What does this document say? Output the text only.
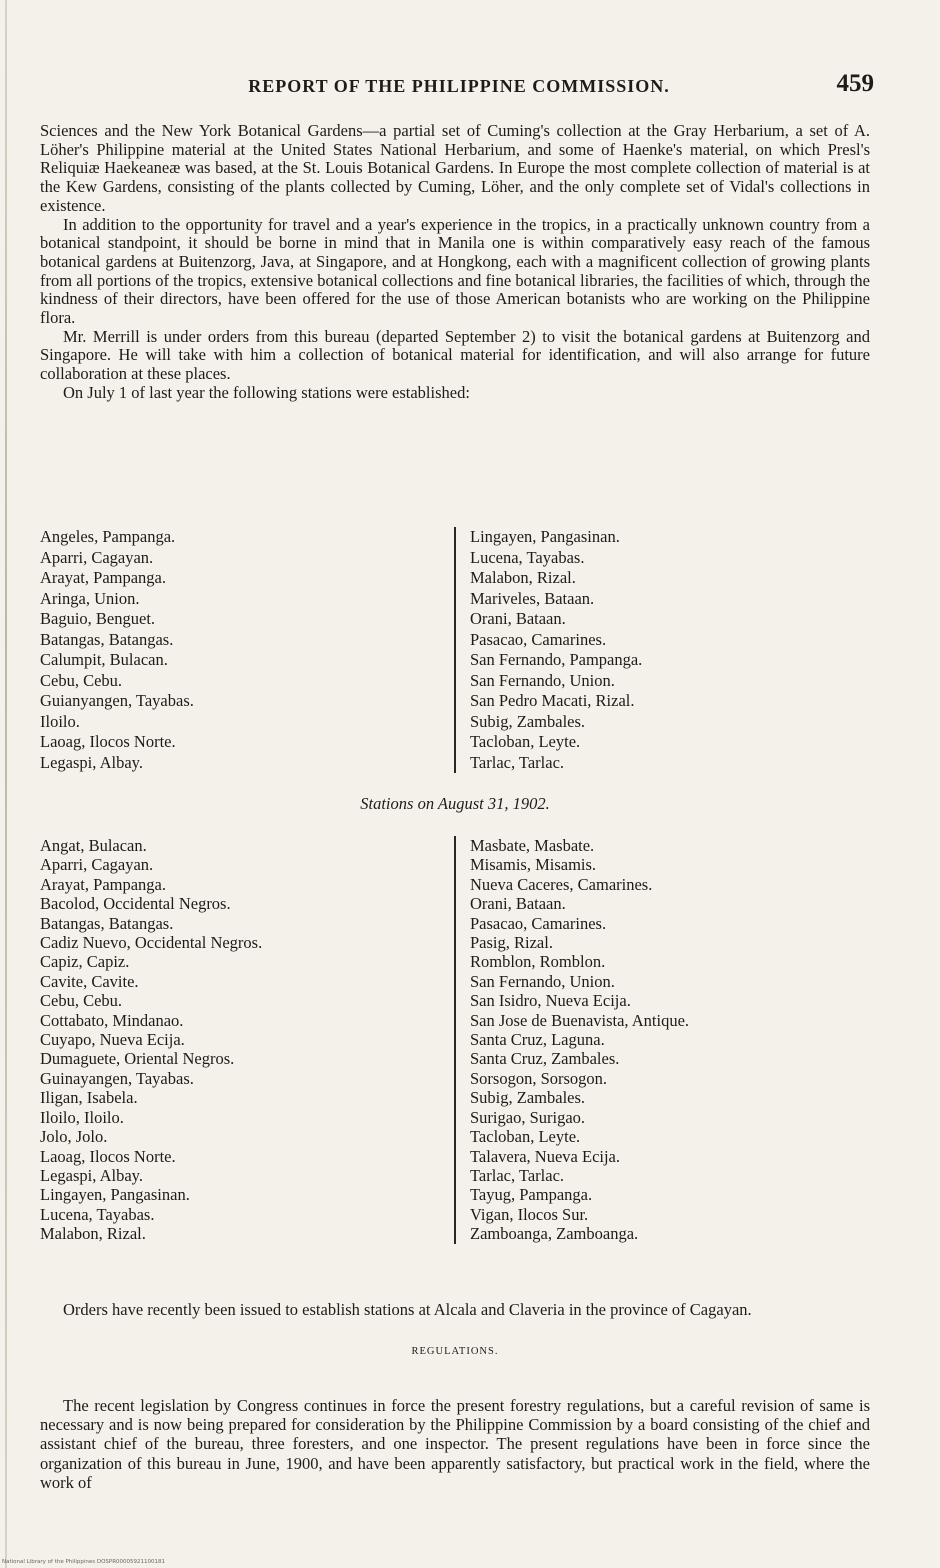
REPORT OF THE PHILIPPINE COMMISSION.	459

Sciences and the New York Botanical Gardens—a partial set of Cuming's collection at the Gray Herbarium, a set of A. Löher's Philippine material at the United States National Herbarium, and some of Haenke's material, on which Presl's Reliquiæ Haekeaneæ was based, at the St. Louis Botanical Gardens. In Europe the most complete collection of material is at the Kew Gardens, consisting of the plants collected by Cuming, Löher, and the only complete set of Vidal's collections in existence.

In addition to the opportunity for travel and a year's experience in the tropics, in a practically unknown country from a botanical standpoint, it should be borne in mind that in Manila one is within comparatively easy reach of the famous botanical gardens at Buitenzorg, Java, at Singapore, and at Hongkong, each with a magnificent collection of growing plants from all portions of the tropics, extensive botanical collections and fine botanical libraries, the facilities of which, through the kindness of their directors, have been offered for the use of those American botanists who are working on the Philippine flora.

Mr. Merrill is under orders from this bureau (departed September 2) to visit the botanical gardens at Buitenzorg and Singapore. He will take with him a collection of botanical material for identification, and will also arrange for future collaboration at these places.

On July 1 of last year the following stations were established:

Angeles, Pampanga.
Aparri, Cagayan.
Arayat, Pampanga.
Aringa, Union.
Baguio, Benguet.
Batangas, Batangas.
Calumpit, Bulacan.
Cebu, Cebu.
Guianyangen, Tayabas.
Iloilo.
Laoag, Ilocos Norte.
Legaspi, Albay.
Lingayen, Pangasinan.
Lucena, Tayabas.
Malabon, Rizal.
Mariveles, Bataan.
Orani, Bataan.
Pasacao, Camarines.
San Fernando, Pampanga.
San Fernando, Union.
San Pedro Macati, Rizal.
Subig, Zambales.
Tacloban, Leyte.
Tarlac, Tarlac.
Stations on August 31, 1902.
Angat, Bulacan.
Aparri, Cagayan.
Arayat, Pampanga.
Bacolod, Occidental Negros.
Batangas, Batangas.
Cadiz Nuevo, Occidental Negros.
Capiz, Capiz.
Cavite, Cavite.
Cebu, Cebu.
Cottabato, Mindanao.
Cuyapo, Nueva Ecija.
Dumaguete, Oriental Negros.
Guinayangen, Tayabas.
Iligan, Isabela.
Iloilo, Iloilo.
Jolo, Jolo.
Laoag, Ilocos Norte.
Legaspi, Albay.
Lingayen, Pangasinan.
Lucena, Tayabas.
Malabon, Rizal.
Masbate, Masbate.
Misamis, Misamis.
Nueva Caceres, Camarines.
Orani, Bataan.
Pasacao, Camarines.
Pasig, Rizal.
Romblon, Romblon.
San Fernando, Union.
San Isidro, Nueva Ecija.
San Jose de Buenavista, Antique.
Santa Cruz, Laguna.
Santa Cruz, Zambales.
Sorsogon, Sorsogon.
Subig, Zambales.
Surigao, Surigao.
Tacloban, Leyte.
Talavera, Nueva Ecija.
Tarlac, Tarlac.
Tayug, Pampanga.
Vigan, Ilocos Sur.
Zamboanga, Zamboanga.

Orders have recently been issued to establish stations at Alcala and Claveria in the province of Cagayan.

REGULATIONS.

The recent legislation by Congress continues in force the present forestry regulations, but a careful revision of same is necessary and is now being prepared for consideration by the Philippine Commission by a board consisting of the chief and assistant chief of the bureau, three foresters, and one inspector. The present regulations have been in force since the organization of this bureau in June, 1900, and have been apparently satisfactory, but practical work in the field, where the work of

National Library of the Philippines DOSPR00005921100181
